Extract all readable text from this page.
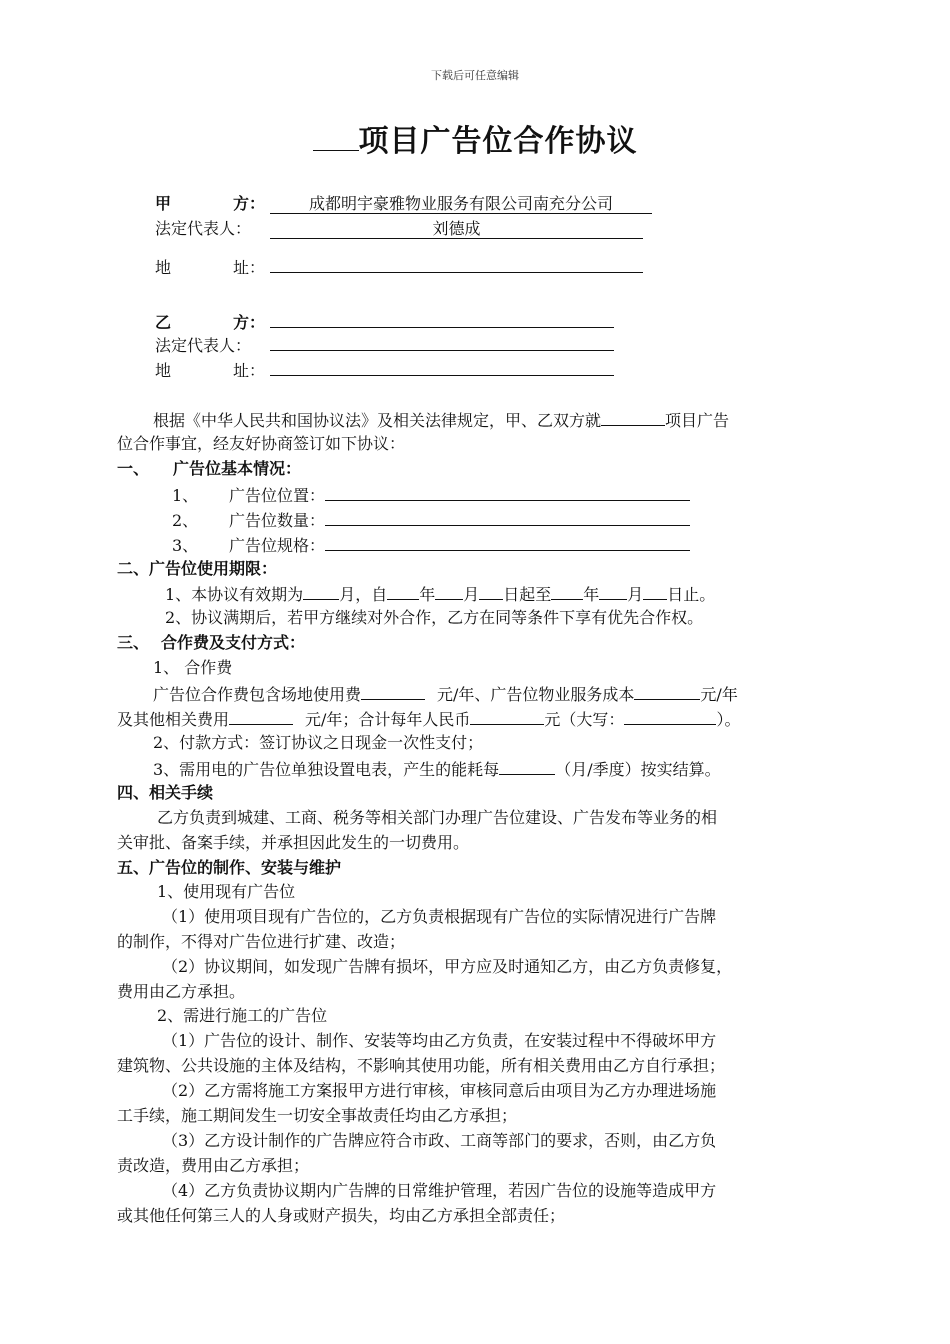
下载后可任意编辑
项目广告位合作协议
甲	方：	成都明宇豪雅物业服务有限公司南充分公司
法定代表人：	刘德成
地	址：
乙	方：
法定代表人：
地	址：
根据《中华人民共和国协议法》及相关法律规定，甲、乙双方就	项目广告
位合作事宜，经友好协商签订如下协议：
一、 广告位基本情况：
1、 广告位位置：
2、 广告位数量：
3、 广告位规格：
二、广告位使用期限：
1、本协议有效期为 月，自 年 月 日起至 年 月 日止。
2、协议满期后，若甲方继续对外合作，乙方在同等条件下享有优先合作权。
三、 合作费及支付方式：
1、 合作费
广告位合作费包含场地使用费	元/年、广告位物业服务成本	元/年
及其他相关费用	元/年；合计每年人民币	元（大写：	）。
2、付款方式：签订协议之日现金一次性支付；
3、需用电的广告位单独设置电表，产生的能耗每	（月/季度）按实结算。
四、相关手续
乙方负责到城建、工商、税务等相关部门办理广告位建设、广告发布等业务的相
关审批、备案手续，并承担因此发生的一切费用。
五、广告位的制作、安装与维护
1、使用现有广告位
（1）使用项目现有广告位的，乙方负责根据现有广告位的实际情况进行广告牌
的制作，不得对广告位进行扩建、改造；
（2）协议期间，如发现广告牌有损坏，甲方应及时通知乙方，由乙方负责修复，
费用由乙方承担。
2、需进行施工的广告位
（1）广告位的设计、制作、安装等均由乙方负责，在安装过程中不得破坏甲方
建筑物、公共设施的主体及结构，不影响其使用功能，所有相关费用由乙方自行承担；
（2）乙方需将施工方案报甲方进行审核，审核同意后由项目为乙方办理进场施
工手续，施工期间发生一切安全事故责任均由乙方承担；
（3）乙方设计制作的广告牌应符合市政、工商等部门的要求，否则，由乙方负
责改造，费用由乙方承担；
（4）乙方负责协议期内广告牌的日常维护管理，若因广告位的设施等造成甲方
或其他任何第三人的人身或财产损失，均由乙方承担全部责任；
